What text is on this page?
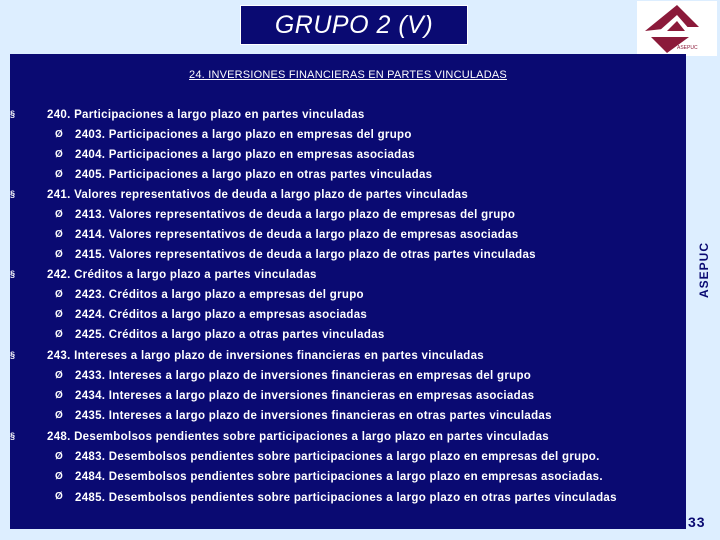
GRUPO 2 (V)
ASEPUC
ASEPUC
24. INVERSIONES FINANCIERAS EN PARTES VINCULADAS
§	240. Participaciones a largo plazo en partes vinculadas
Ø	2403. Participaciones a largo plazo en empresas del grupo
Ø	2404. Participaciones a largo plazo en empresas asociadas
Ø	2405. Participaciones a largo plazo en otras partes vinculadas
§	241. Valores representativos de deuda a largo plazo de partes vinculadas
Ø	2413. Valores representativos de deuda a largo plazo de empresas del grupo
Ø	2414. Valores representativos de deuda a largo plazo de empresas asociadas
Ø	2415. Valores representativos de deuda a largo plazo de otras partes vinculadas
§	242. Créditos a largo plazo a partes vinculadas
Ø	2423. Créditos a largo plazo a empresas del grupo
Ø	2424. Créditos a largo plazo a empresas asociadas
Ø	2425. Créditos a largo plazo a otras partes vinculadas
§	243. Intereses a largo plazo de inversiones financieras en partes vinculadas
Ø	2433. Intereses a largo plazo de inversiones financieras en empresas del grupo
Ø	2434. Intereses a largo plazo de inversiones financieras en empresas asociadas
Ø	2435. Intereses a largo plazo de inversiones financieras en otras partes vinculadas
§	248. Desembolsos pendientes sobre participaciones a largo plazo en partes vinculadas
Ø	2483. Desembolsos pendientes sobre participaciones a largo plazo en empresas del grupo.
Ø	2484. Desembolsos pendientes sobre participaciones a largo plazo en empresas asociadas.
Ø	2485. Desembolsos pendientes sobre participaciones a largo plazo en otras partes vinculadas
33
